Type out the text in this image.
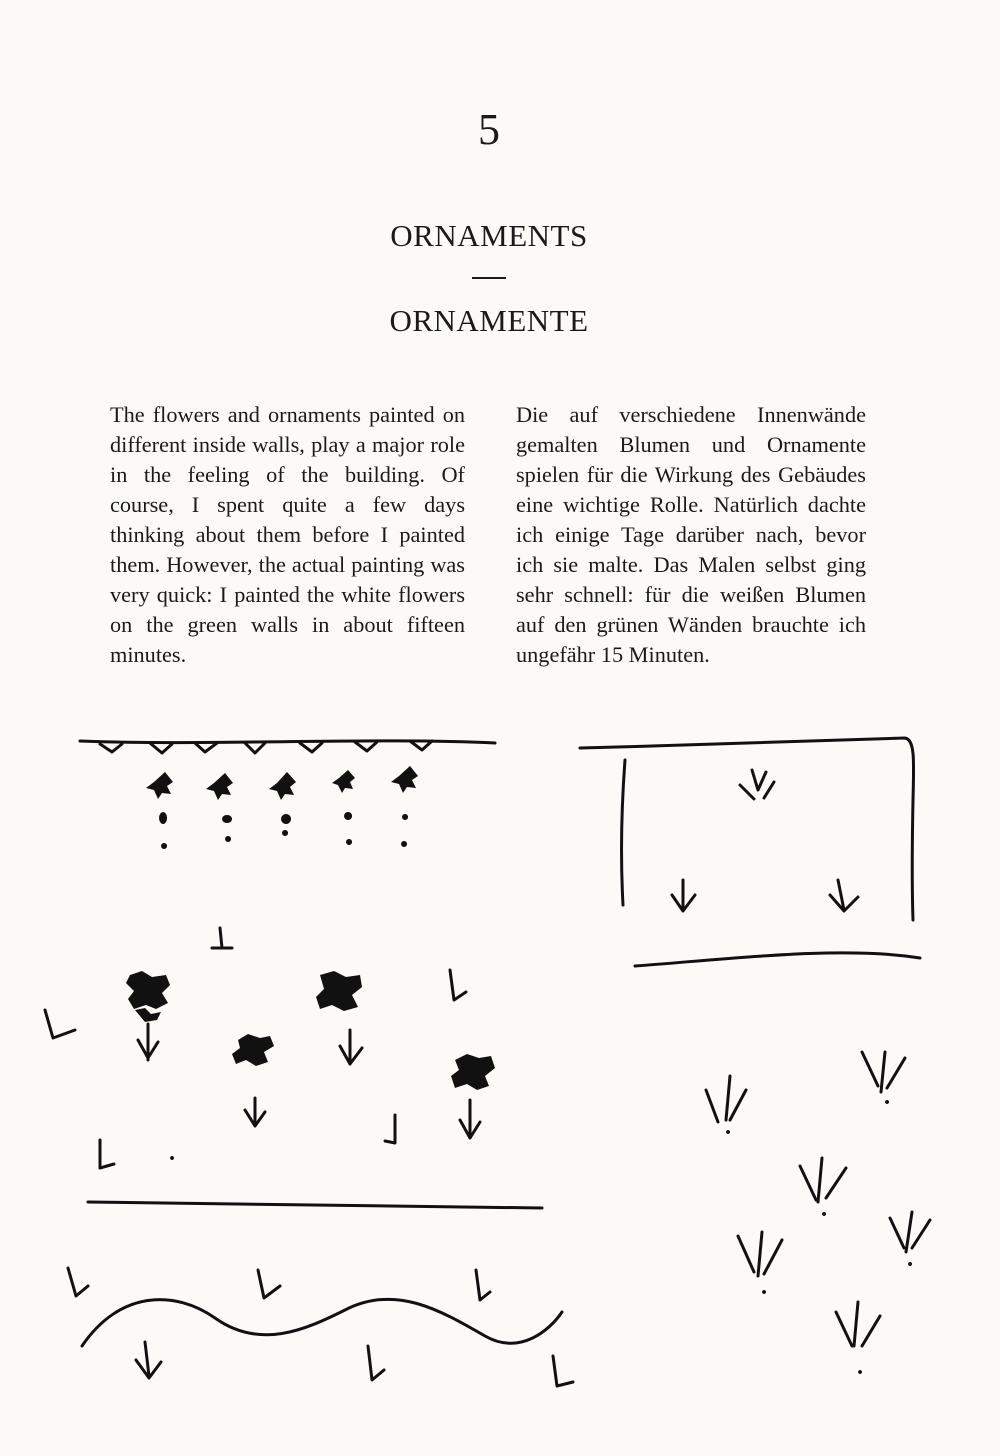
5
ORNAMENTS
ORNAMENTE

The flowers and ornaments painted on different inside walls, play a major role in the feeling of the building. Of course, I spent quite a few days thinking about them before I painted them. However, the actual painting was very quick: I painted the white flowers on the green walls in about fifteen minutes.

Die auf verschiedene Innenwände gemalten Blumen und Ornamente spielen für die Wirkung des Gebäudes eine wichtige Rolle. Natürlich dachte ich einige Tage darüber nach, bevor ich sie malte. Das Malen selbst ging sehr schnell: für die weißen Blumen auf den grünen Wänden brauchte ich ungefähr 15 Minuten.
